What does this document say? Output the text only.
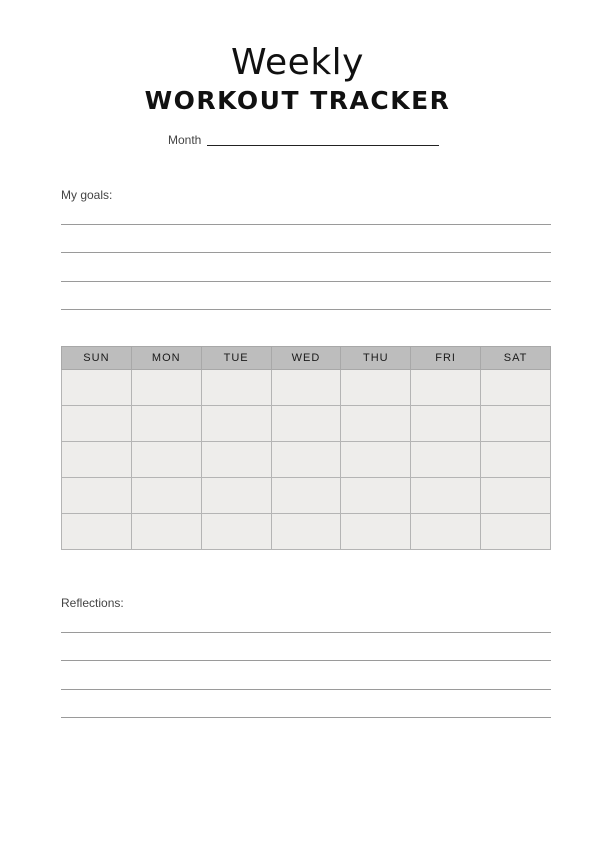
Weekly
WORKOUT TRACKER
Month
My goals:
SUN	MON	TUE	WED	THU	FRI	SAT

Reflections:
